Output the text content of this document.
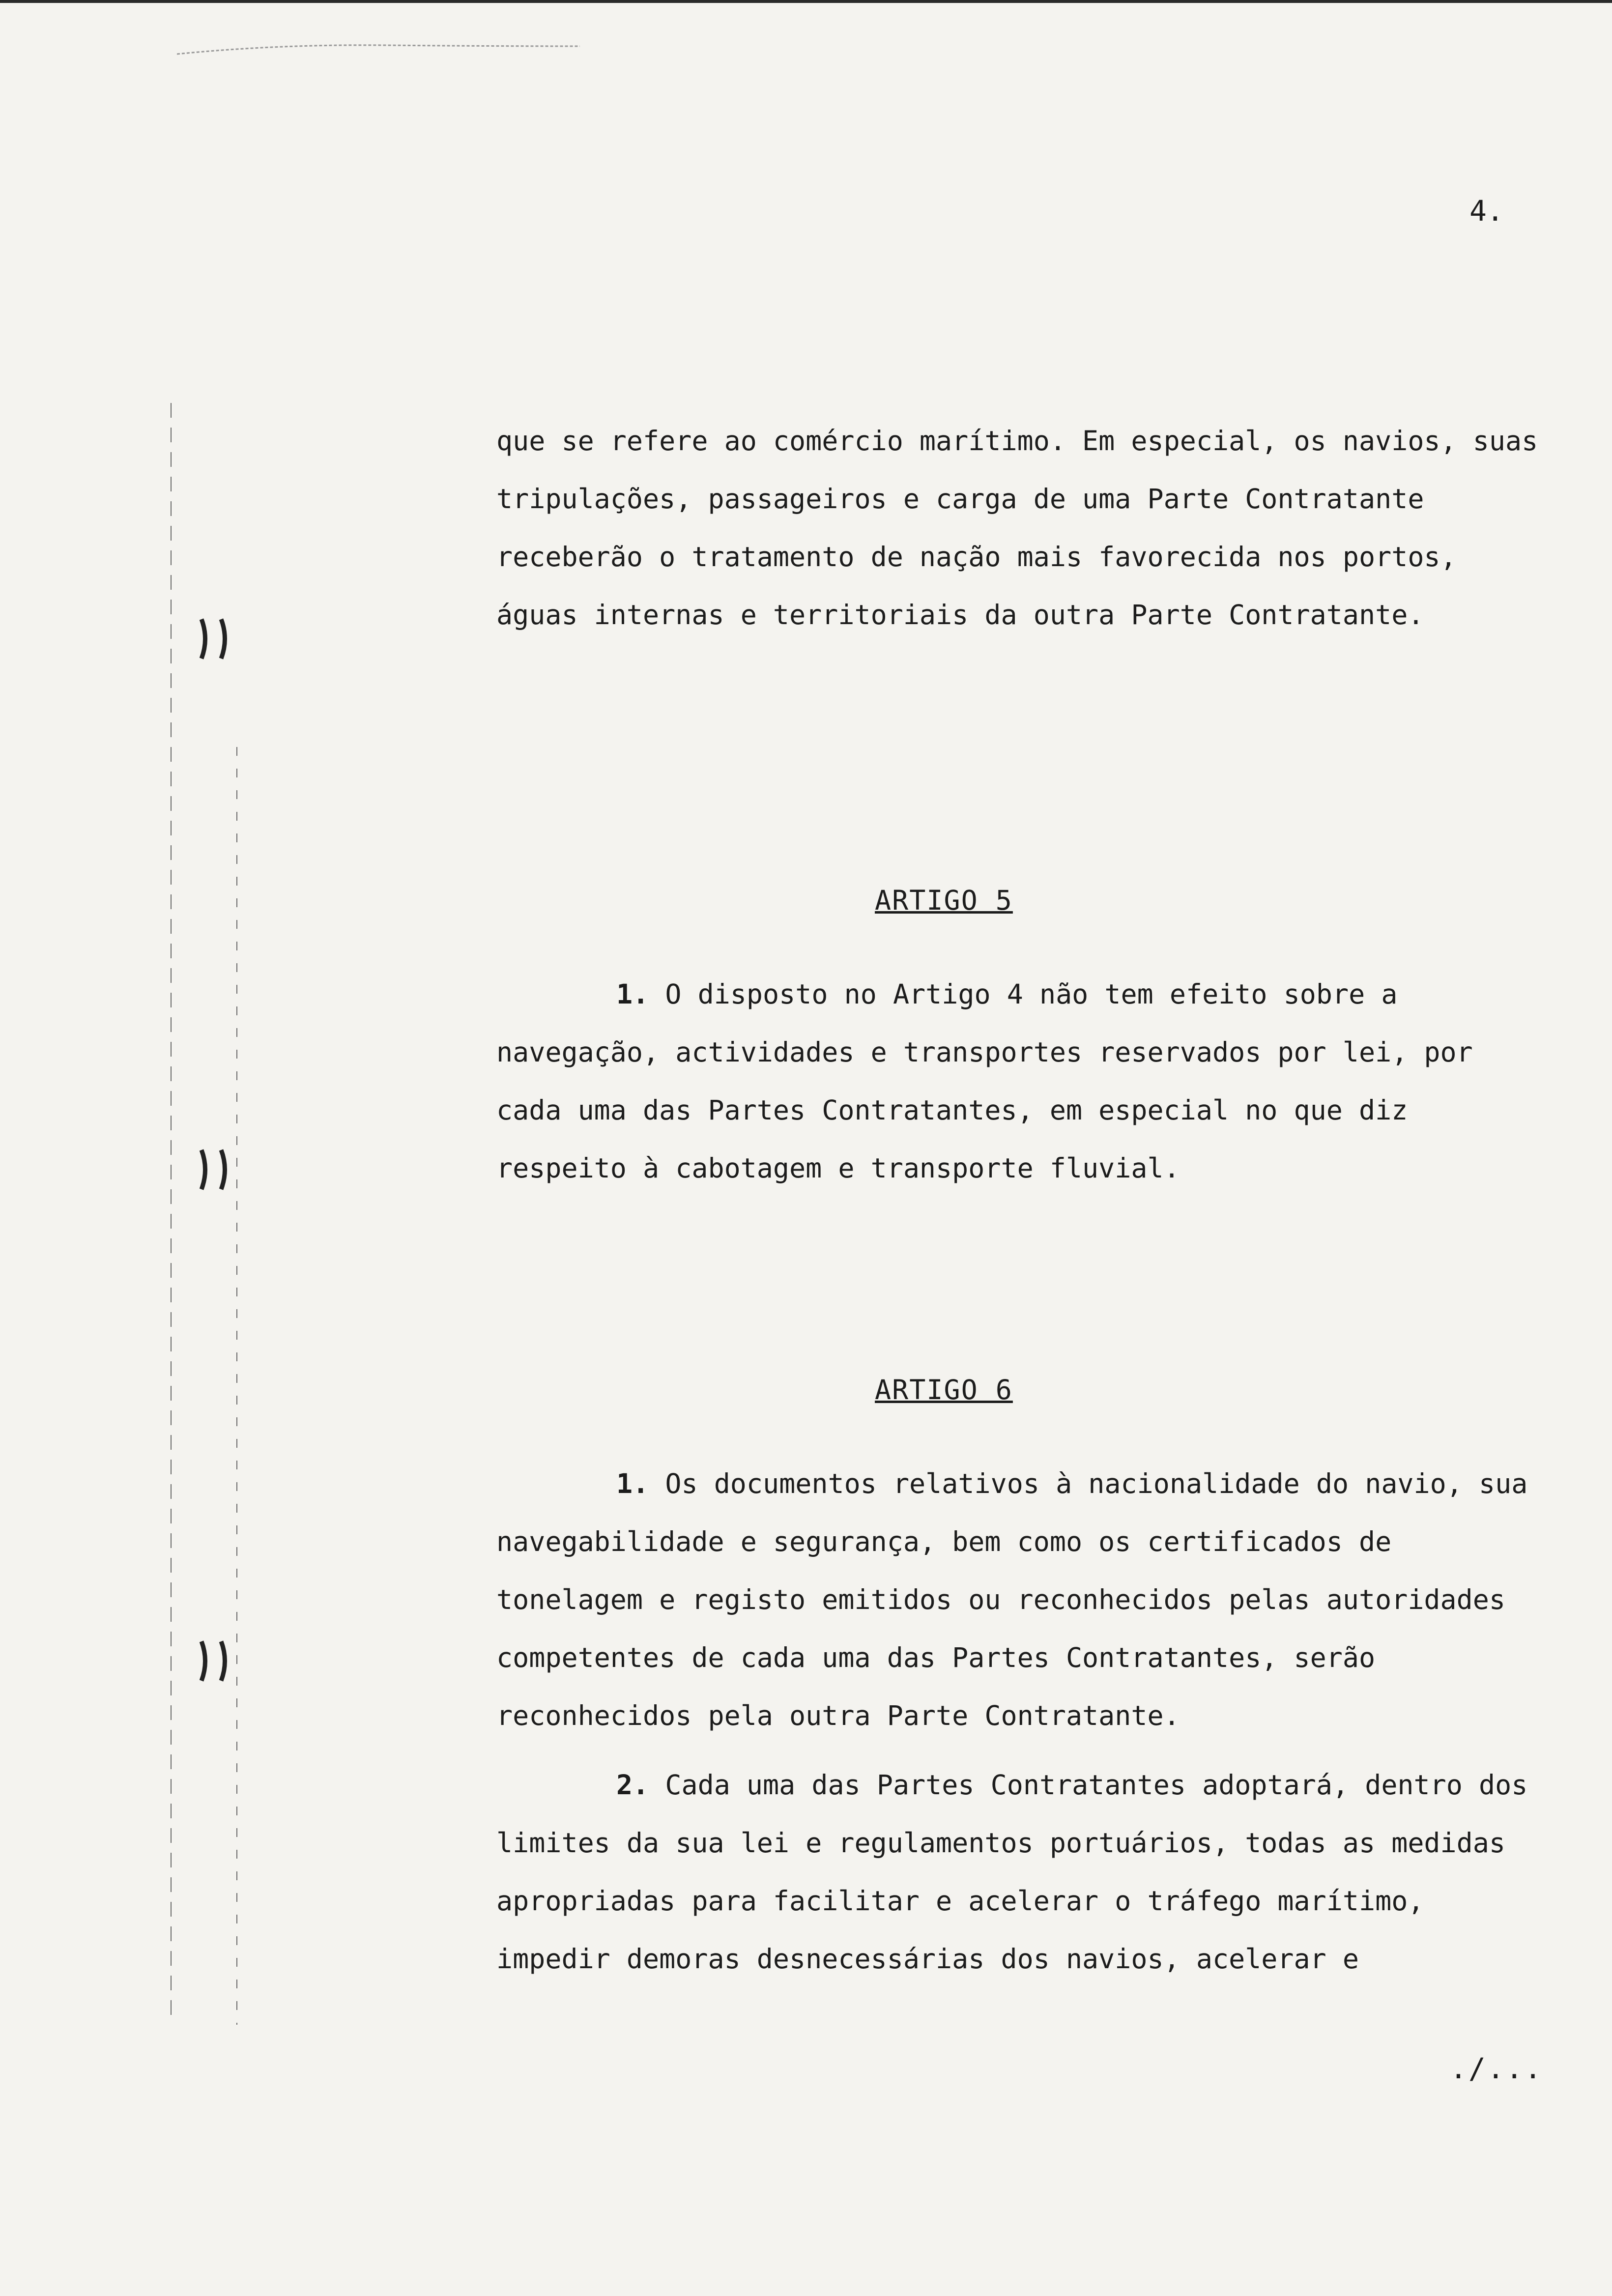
4.

que se refere ao comércio marítimo. Em especial, os navios, suas tripulações, passageiros e carga de uma Parte Contratante receberão o tratamento de nação mais favorecida nos portos, águas internas e territoriais da outra Parte Contratante.

ARTIGO 5

1. O disposto no Artigo 4 não tem efeito sobre a navegação, actividades e transportes reservados por lei, por cada uma das Partes Contratantes, em especial no que diz respeito à cabotagem e transporte fluvial.

ARTIGO 6

1. Os documentos relativos à nacionalidade do navio, sua navegabilidade e segurança, bem como os certificados de tonelagem e registo emitidos ou reconhecidos pelas autoridades competentes de cada uma das Partes Contratantes, serão reconhecidos pela outra Parte Contratante.

2. Cada uma das Partes Contratantes adoptará, dentro dos limites da sua lei e regulamentos portuários, todas as medidas apropriadas para facilitar e acelerar o tráfego marítimo, impedir demoras desnecessárias dos navios, acelerar e

./...
